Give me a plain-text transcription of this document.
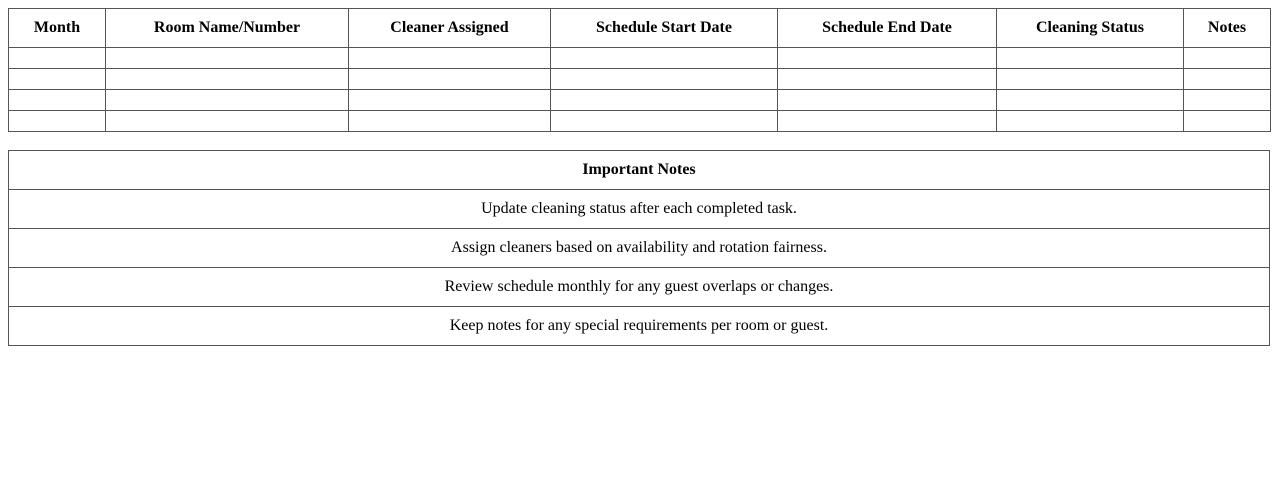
Month	Room Name/Number	Cleaner Assigned	Schedule Start Date	Schedule End Date	Cleaning Status	Notes

Important Notes
Update cleaning status after each completed task.
Assign cleaners based on availability and rotation fairness.
Review schedule monthly for any guest overlaps or changes.
Keep notes for any special requirements per room or guest.
